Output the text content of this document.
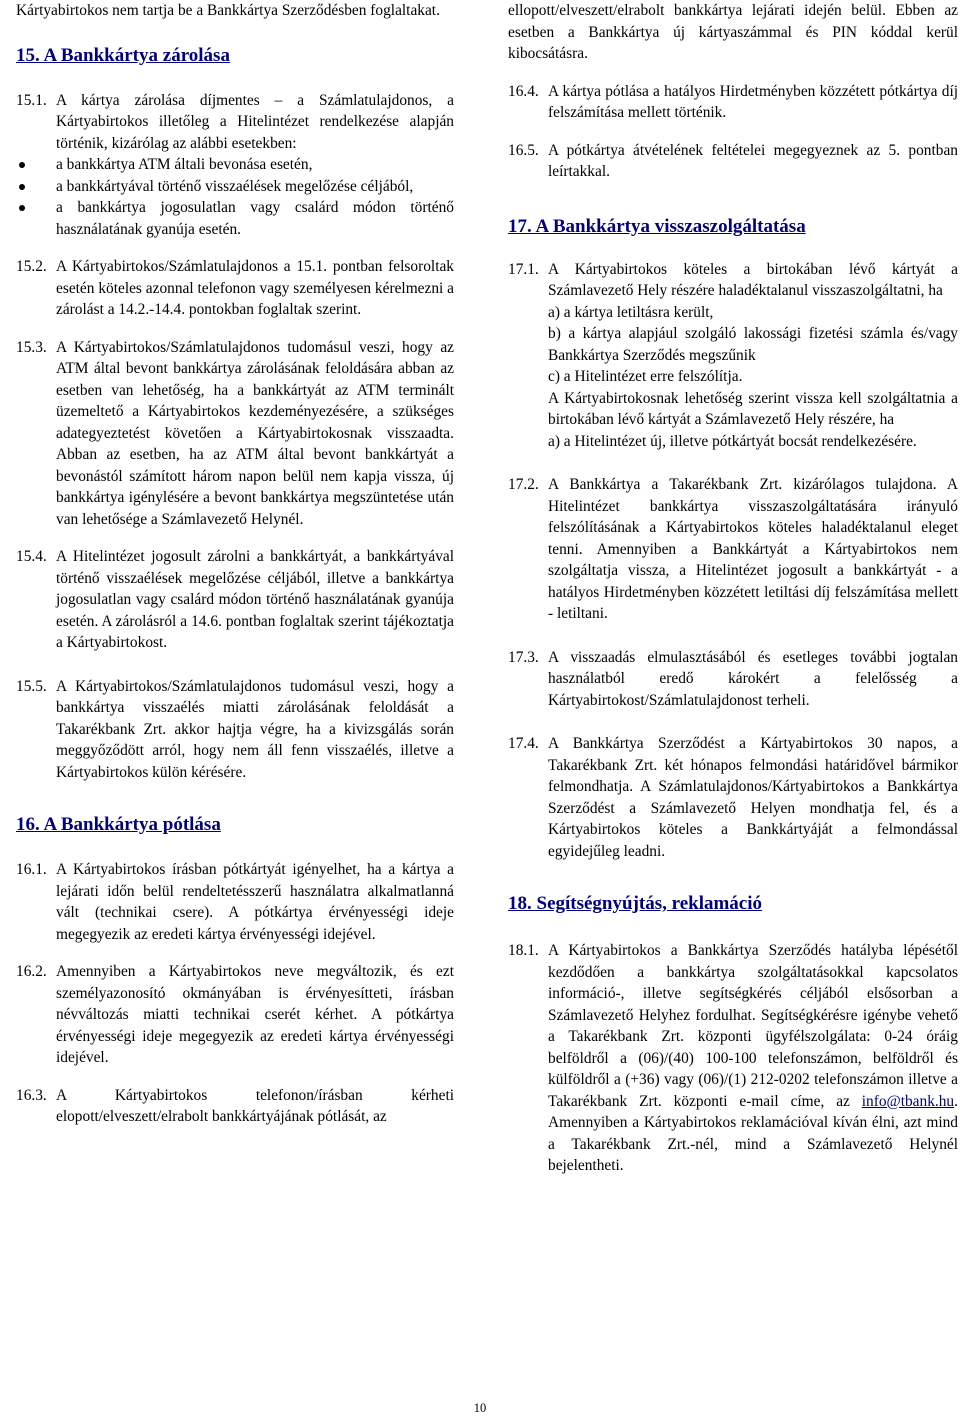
Kártyabirtokos nem tartja be a Bankkártya Szerződésben foglaltakat.

15. A Bankkártya zárolása
15.1. A kártya zárolása díjmentes – a Számlatulajdonos, a Kártyabirtokos illetőleg a Hitelintézet rendelkezése alapján történik, kizárólag az alábbi esetekben:
a bankkártya ATM általi bevonása esetén,
a bankkártyával történő visszaélések megelőzése céljából,
a bankkártya jogosulatlan vagy csalárd módon történő használatának gyanúja esetén.
15.2. A Kártyabirtokos/Számlatulajdonos a 15.1. pontban felsoroltak esetén köteles azonnal telefonon vagy személyesen kérelmezni a zárolást a 14.2.-14.4. pontokban foglaltak szerint.
15.3. A Kártyabirtokos/Számlatulajdonos tudomásul veszi, hogy az ATM által bevont bankkártya zárolásának feloldására abban az esetben van lehetőség, ha a bankkártyát az ATM terminált üzemeltető a Kártyabirtokos kezdeményezésére, a szükséges adategyeztetést követően a Kártyabirtokosnak visszaadta. Abban az esetben, ha az ATM által bevont bankkártyát a bevonástól számított három napon belül nem kapja vissza, új bankkártya igénylésére a bevont bankkártya megszüntetése után van lehetősége a Számlavezető Helynél.
15.4. A Hitelintézet jogosult zárolni a bankkártyát, a bankkártyával történő visszaélések megelőzése céljából, illetve a bankkártya jogosulatlan vagy csalárd módon történő használatának gyanúja esetén. A zárolásról a 14.6. pontban foglaltak szerint tájékoztatja a Kártyabirtokost.
15.5. A Kártyabirtokos/Számlatulajdonos tudomásul veszi, hogy a bankkártya visszaélés miatti zárolásának feloldását a Takarékbank Zrt. akkor hajtja végre, ha a kivizsgálás során meggyőződött arról, hogy nem áll fenn visszaélés, illetve a Kártyabirtokos külön kérésére.
16. A Bankkártya pótlása
16.1. A Kártyabirtokos írásban pótkártyát igényelhet, ha a kártya a lejárati időn belül rendeltetésszerű használatra alkalmatlanná vált (technikai csere). A pótkártya érvényességi ideje megegyezik az eredeti kártya érvényességi idejével.
16.2. Amennyiben a Kártyabirtokos neve megváltozik, és ezt személyazonosító okmányában is érvényesítteti, írásban névváltozás miatti technikai cserét kérhet. A pótkártya érvényességi ideje megegyezik az eredeti kártya érvényességi idejével.
16.3. A Kártyabirtokos telefonon/írásban kérheti elopott/elveszett/elrabolt bankkártyájának pótlását, az

ellopott/elveszett/elrabolt bankkártya lejárati idején belül. Ebben az esetben a Bankkártya új kártyaszámmal és PIN kóddal kerül kibocsátásra.

16.4. A kártya pótlása a hatályos Hirdetményben közzétett pótkártya díj felszámítása mellett történik.
16.5. A pótkártya átvételének feltételei megegyeznek az 5. pontban leírtakkal.
17. A Bankkártya visszaszolgáltatása
17.1. A Kártyabirtokos köteles a birtokában lévő kártyát a Számlavezető Hely részére haladéktalanul visszaszolgáltatni, ha

a) a kártya letiltásra került,

b) a kártya alapjául szolgáló lakossági fizetési számla és/vagy Bankkártya Szerződés megszűnik

c) a Hitelintézet erre felszólítja.

A Kártyabirtokosnak lehetőség szerint vissza kell szolgáltatnia a birtokában lévő kártyát a Számlavezető Hely részére, ha

a) a Hitelintézet új, illetve pótkártyát bocsát rendelkezésére.

17.2. A Bankkártya a Takarékbank Zrt. kizárólagos tulajdona. A Hitelintézet bankkártya visszaszolgáltatására irányuló felszólításának a Kártyabirtokos köteles haladéktalanul eleget tenni. Amennyiben a Bankkártyát a Kártyabirtokos nem szolgáltatja vissza, a Hitelintézet jogosult a bankkártyát - a hatályos Hirdetményben közzétett letiltási díj felszámítása mellett - letiltani.
17.3. A visszaadás elmulasztásából és esetleges további jogtalan használatból eredő károkért a felelősség a Kártyabirtokost/Számlatulajdonost terheli.
17.4. A Bankkártya Szerződést a Kártyabirtokos 30 napos, a Takarékbank Zrt. két hónapos felmondási határidővel bármikor felmondhatja. A Számlatulajdonos/Kártyabirtokos a Bankkártya Szerződést a Számlavezető Helyen mondhatja fel, és a Kártyabirtokos köteles a Bankkártyáját a felmondással egyidejűleg leadni.
18. Segítségnyújtás, reklamáció
18.1. A Kártyabirtokos a Bankkártya Szerződés hatályba lépésétől kezdődően a bankkártya szolgáltatásokkal kapcsolatos információ-, illetve segítségkérés céljából elsősorban a Számlavezető Helyhez fordulhat. Segítségkérésre igénybe vehető a Takarékbank Zrt. központi ügyfélszolgálata: 0-24 óráig belföldről a (06)/(40) 100-100 telefonszámon, belföldről és külföldről a (+36) vagy (06)/(1) 212-0202 telefonszámon illetve a Takarékbank Zrt. központi e-mail címe, az info@tbank.hu. Amennyiben a Kártyabirtokos reklamációval kíván élni, azt mind a Takarékbank Zrt.-nél, mind a Számlavezető Helynél bejelentheti.
10
